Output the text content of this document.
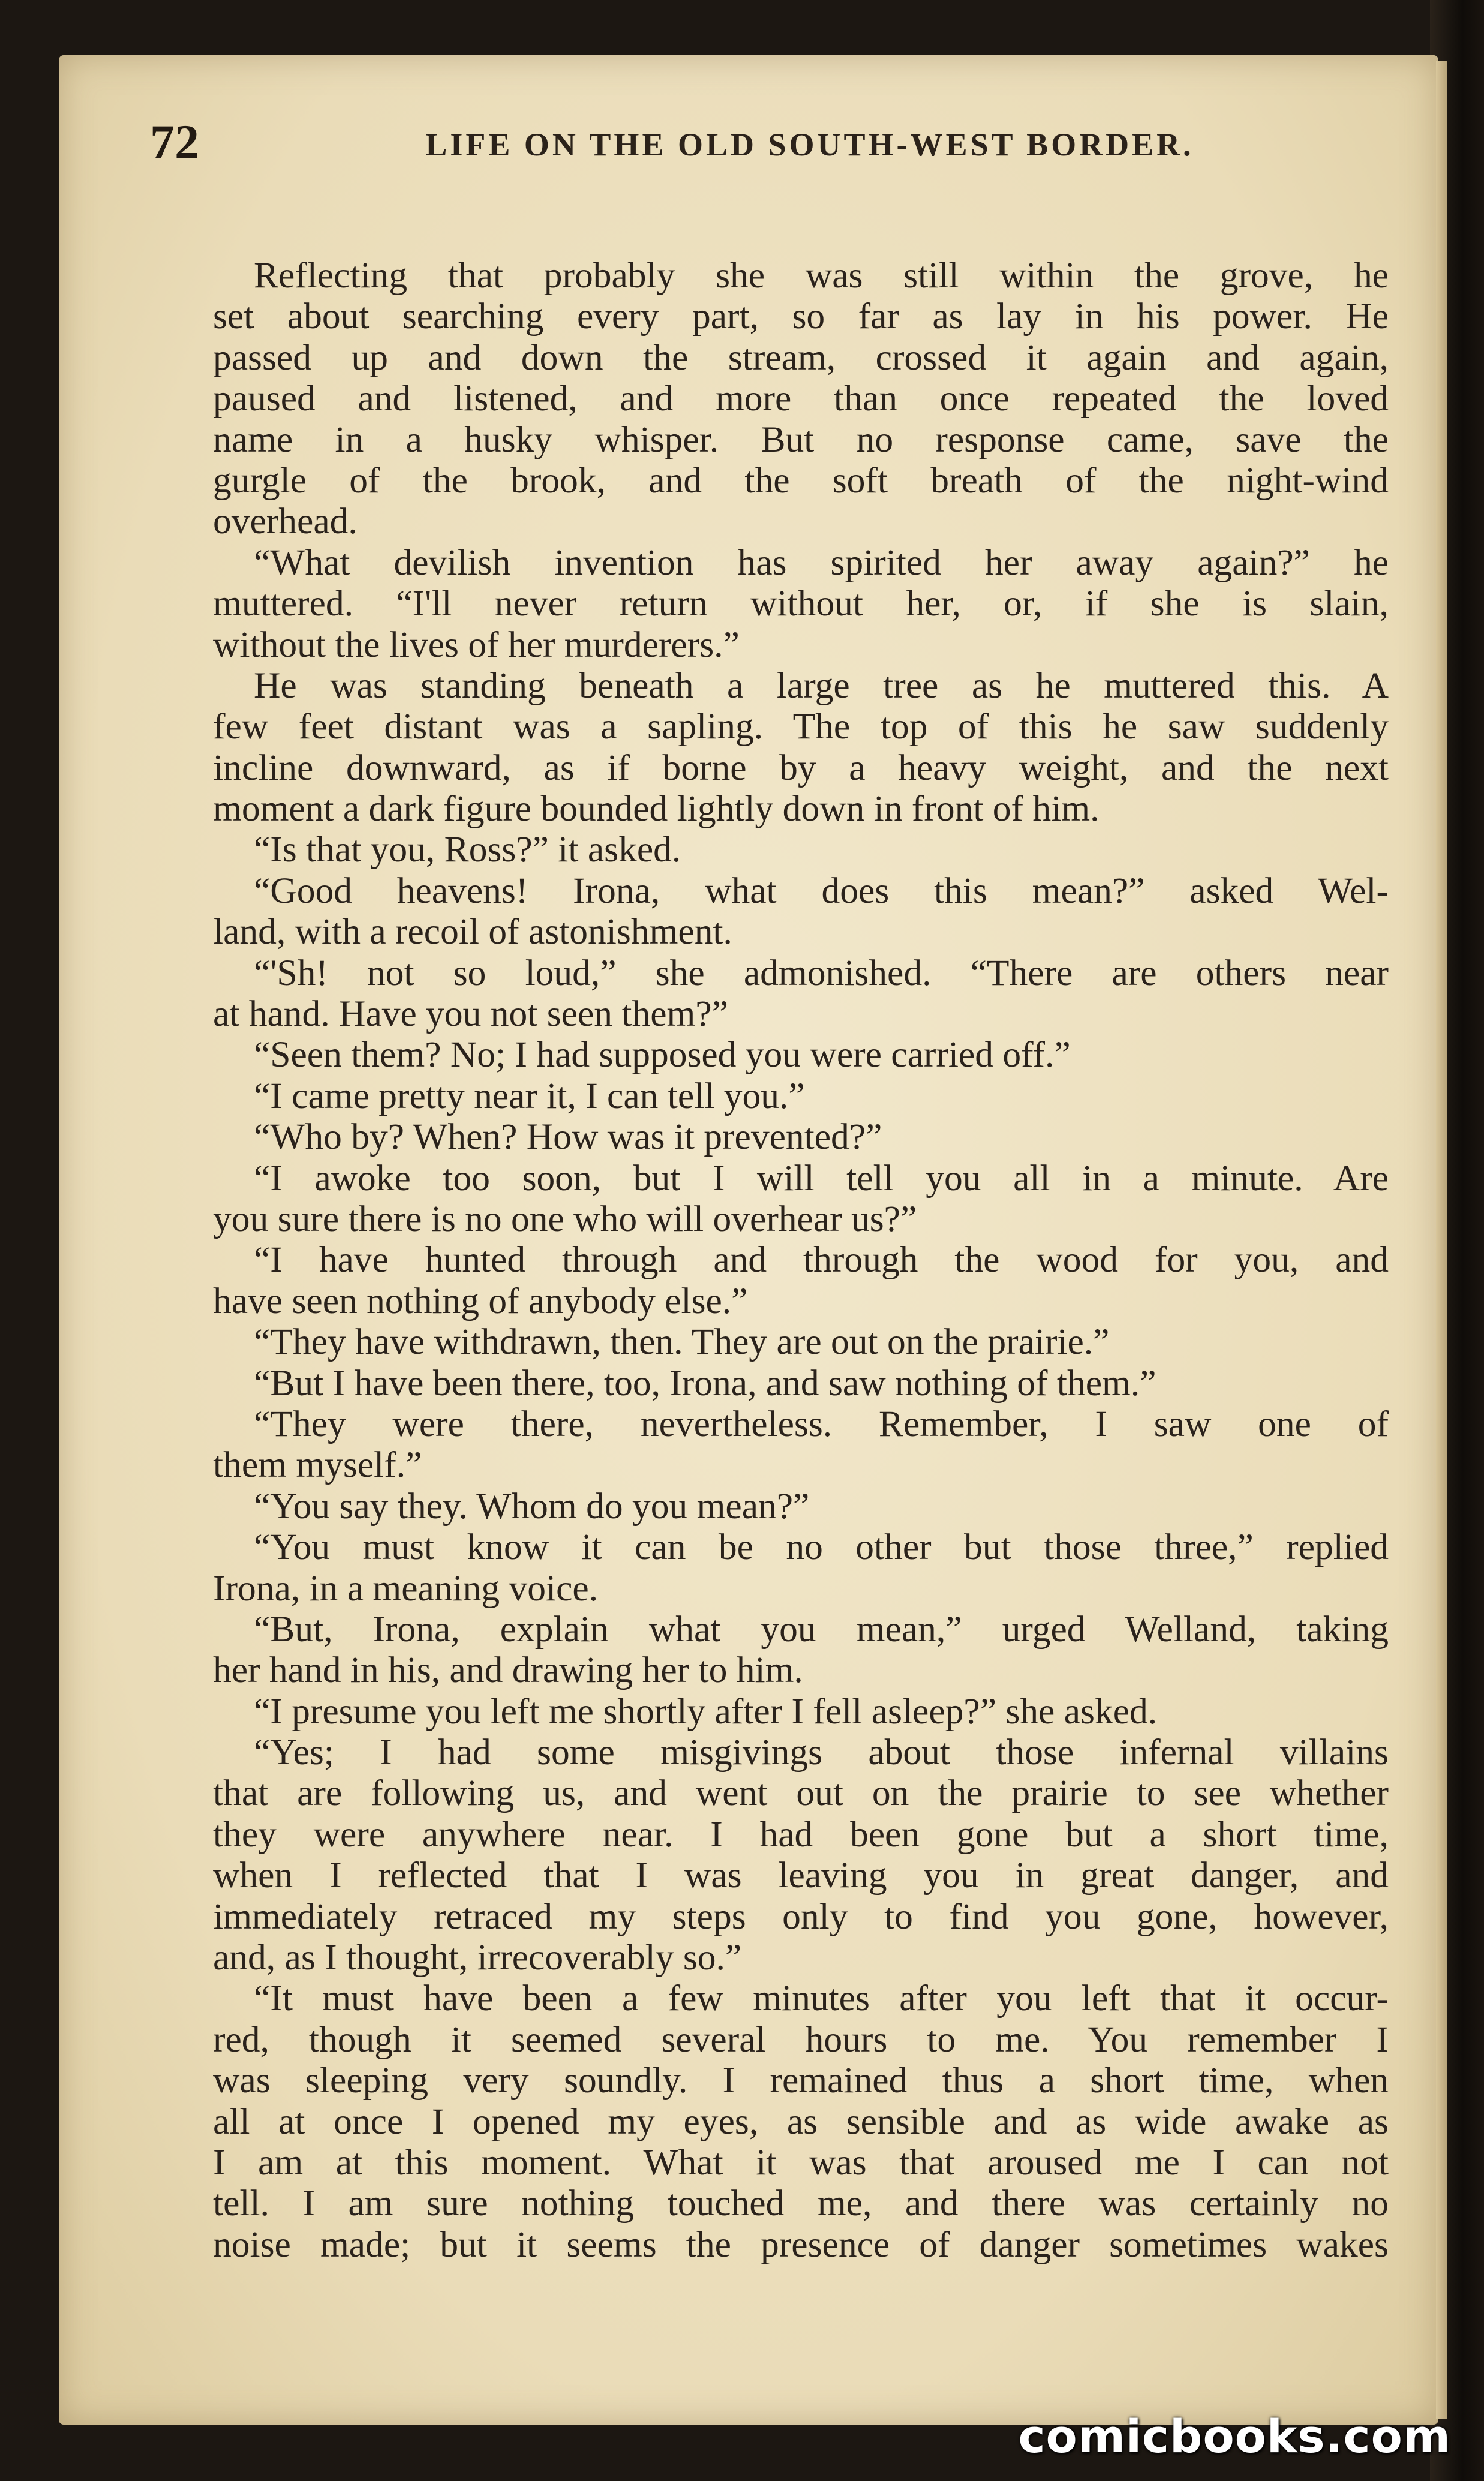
72	LIFE ON THE OLD SOUTH-WEST BORDER.
Reflecting that probably she was still within the grove, he
set about searching every part, so far as lay in his power. He
passed up and down the stream, crossed it again and again,
paused and listened, and more than once repeated the loved
name in a husky whisper. But no response came, save the
gurgle of the brook, and the soft breath of the night-wind
overhead.
“What devilish invention has spirited her away again?” he
muttered. “I'll never return without her, or, if she is slain,
without the lives of her murderers.”
He was standing beneath a large tree as he muttered this. A
few feet distant was a sapling. The top of this he saw suddenly
incline downward, as if borne by a heavy weight, and the next
moment a dark figure bounded lightly down in front of him.
“Is that you, Ross?” it asked.
“Good heavens! Irona, what does this mean?” asked Wel-
land, with a recoil of astonishment.
“'Sh! not so loud,” she admonished. “There are others near
at hand. Have you not seen them?”
“Seen them? No; I had supposed you were carried off.”
“I came pretty near it, I can tell you.”
“Who by? When? How was it prevented?”
“I awoke too soon, but I will tell you all in a minute. Are
you sure there is no one who will overhear us?”
“I have hunted through and through the wood for you, and
have seen nothing of anybody else.”
“They have withdrawn, then. They are out on the prairie.”
“But I have been there, too, Irona, and saw nothing of them.”
“They were there, nevertheless. Remember, I saw one of
them myself.”
“You say they. Whom do you mean?”
“You must know it can be no other but those three,” replied
Irona, in a meaning voice.
“But, Irona, explain what you mean,” urged Welland, taking
her hand in his, and drawing her to him.
“I presume you left me shortly after I fell asleep?” she asked.
“Yes; I had some misgivings about those infernal villains
that are following us, and went out on the prairie to see whether
they were anywhere near. I had been gone but a short time,
when I reflected that I was leaving you in great danger, and
immediately retraced my steps only to find you gone, however,
and, as I thought, irrecoverably so.”
“It must have been a few minutes after you left that it occur-
red, though it seemed several hours to me. You remember I
was sleeping very soundly. I remained thus a short time, when
all at once I opened my eyes, as sensible and as wide awake as
I am at this moment. What it was that aroused me I can not
tell. I am sure nothing touched me, and there was certainly no
noise made; but it seems the presence of danger sometimes wakes
comicbooks.com
